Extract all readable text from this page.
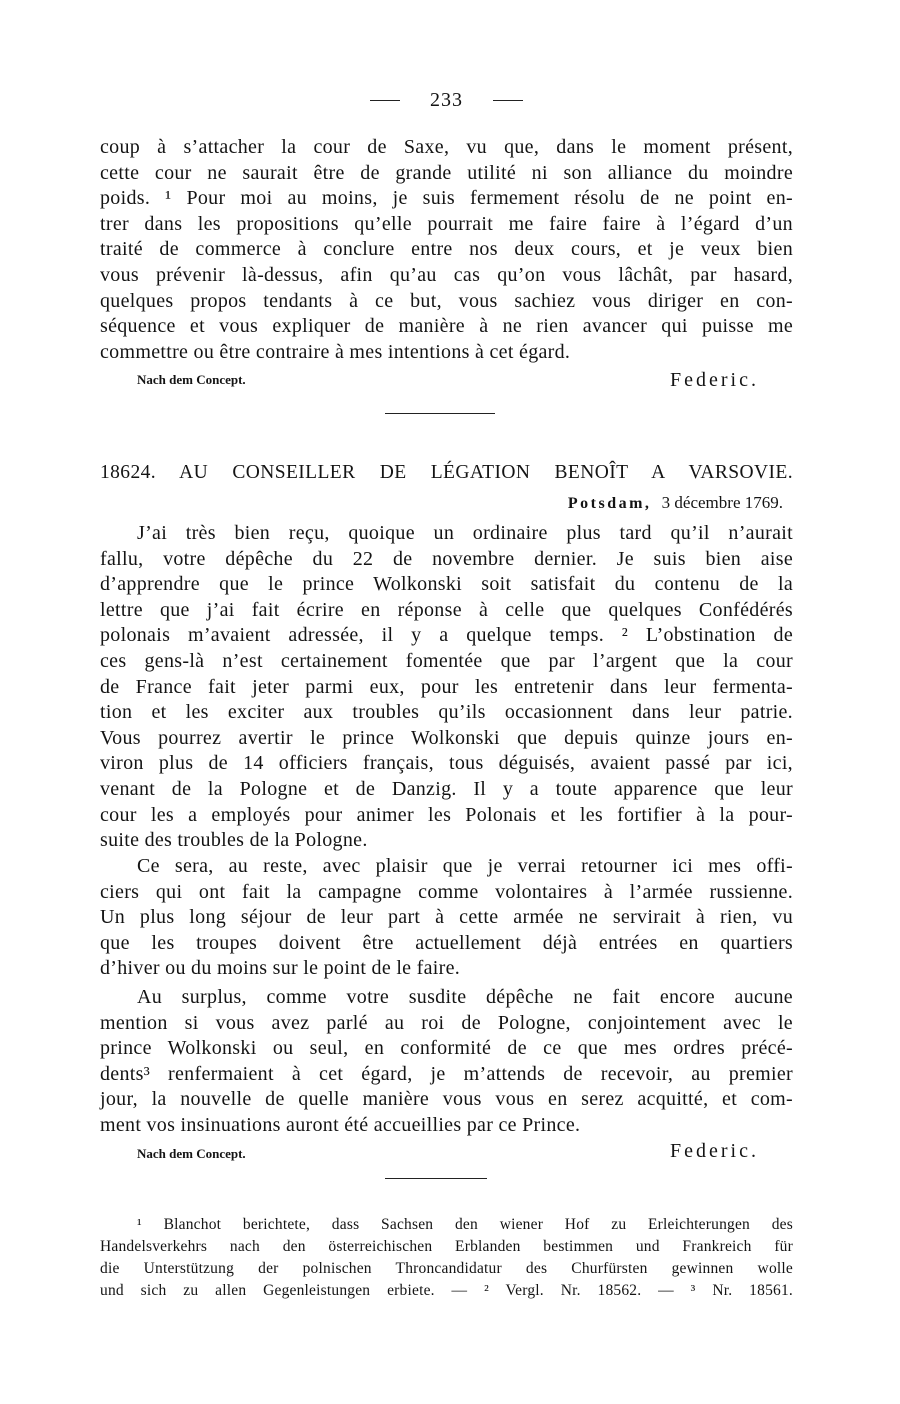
233
coup à s’attacher la cour de Saxe, vu que, dans le moment présent,
cette cour ne saurait être de grande utilité ni son alliance du moindre
poids. ¹ Pour moi au moins, je suis fermement résolu de ne point en-
trer dans les propositions qu’elle pourrait me faire faire à l’égard d’un
traité de commerce à conclure entre nos deux cours, et je veux bien
vous prévenir là-dessus, afin qu’au cas qu’on vous lâchât, par hasard,
quelques propos tendants à ce but, vous sachiez vous diriger en con-
séquence et vous expliquer de manière à ne rien avancer qui puisse me
commettre ou être contraire à mes intentions à cet égard.
Nach dem Concept.	Federic.
18624. AU CONSEILLER DE LÉGATION BENOÎT A VARSOVIE.
Potsdam, 3 décembre 1769.
J’ai très bien reçu, quoique un ordinaire plus tard qu’il n’aurait
fallu, votre dépêche du 22 de novembre dernier. Je suis bien aise
d’apprendre que le prince Wolkonski soit satisfait du contenu de la
lettre que j’ai fait écrire en réponse à celle que quelques Confédérés
polonais m’avaient adressée, il y a quelque temps. ² L’obstination de
ces gens-là n’est certainement fomentée que par l’argent que la cour
de France fait jeter parmi eux, pour les entretenir dans leur fermenta-
tion et les exciter aux troubles qu’ils occasionnent dans leur patrie.
Vous pourrez avertir le prince Wolkonski que depuis quinze jours en-
viron plus de 14 officiers français, tous déguisés, avaient passé par ici,
venant de la Pologne et de Danzig. Il y a toute apparence que leur
cour les a employés pour animer les Polonais et les fortifier à la pour-
suite des troubles de la Pologne.
Ce sera, au reste, avec plaisir que je verrai retourner ici mes offi-
ciers qui ont fait la campagne comme volontaires à l’armée russienne.
Un plus long séjour de leur part à cette armée ne servirait à rien, vu
que les troupes doivent être actuellement déjà entrées en quartiers
d’hiver ou du moins sur le point de le faire.
Au surplus, comme votre susdite dépêche ne fait encore aucune
mention si vous avez parlé au roi de Pologne, conjointement avec le
prince Wolkonski ou seul, en conformité de ce que mes ordres précé-
dents³ renfermaient à cet égard, je m’attends de recevoir, au premier
jour, la nouvelle de quelle manière vous vous en serez acquitté, et com-
ment vos insinuations auront été accueillies par ce Prince.
Nach dem Concept.	Federic.
¹ Blanchot berichtete, dass Sachsen den wiener Hof zu Erleichterungen des
Handelsverkehrs nach den österreichischen Erblanden bestimmen und Frankreich für
die Unterstützung der polnischen Throncandidatur des Churfürsten gewinnen wolle
und sich zu allen Gegenleistungen erbiete. — ² Vergl. Nr. 18562. — ³ Nr. 18561.
